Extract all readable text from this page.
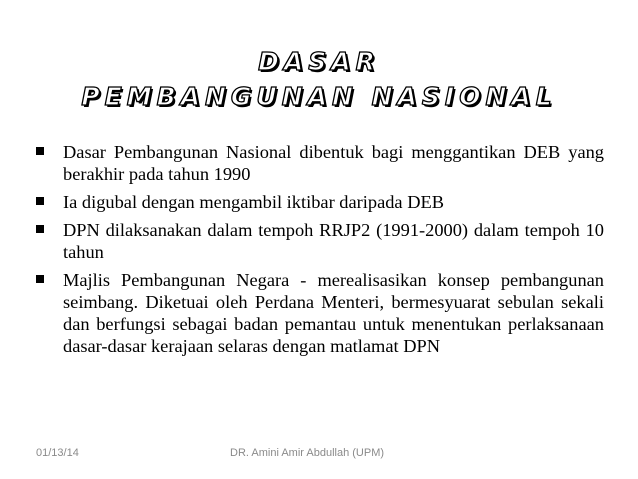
DASAR
PEMBANGUNAN NASIONAL
Dasar Pembangunan Nasional dibentuk bagi menggantikan DEB yang berakhir pada tahun 1990
Ia digubal dengan mengambil iktibar daripada DEB
DPN dilaksanakan dalam tempoh RRJP2 (1991-2000) dalam tempoh 10 tahun
Majlis Pembangunan Negara - merealisasikan konsep pembangunan seimbang. Diketuai oleh Perdana Menteri, bermesyuarat sebulan sekali dan berfungsi sebagai badan pemantau untuk menentukan perlaksanaan dasar-dasar kerajaan selaras dengan matlamat DPN
01/13/14	DR. Amini Amir Abdullah (UPM)
